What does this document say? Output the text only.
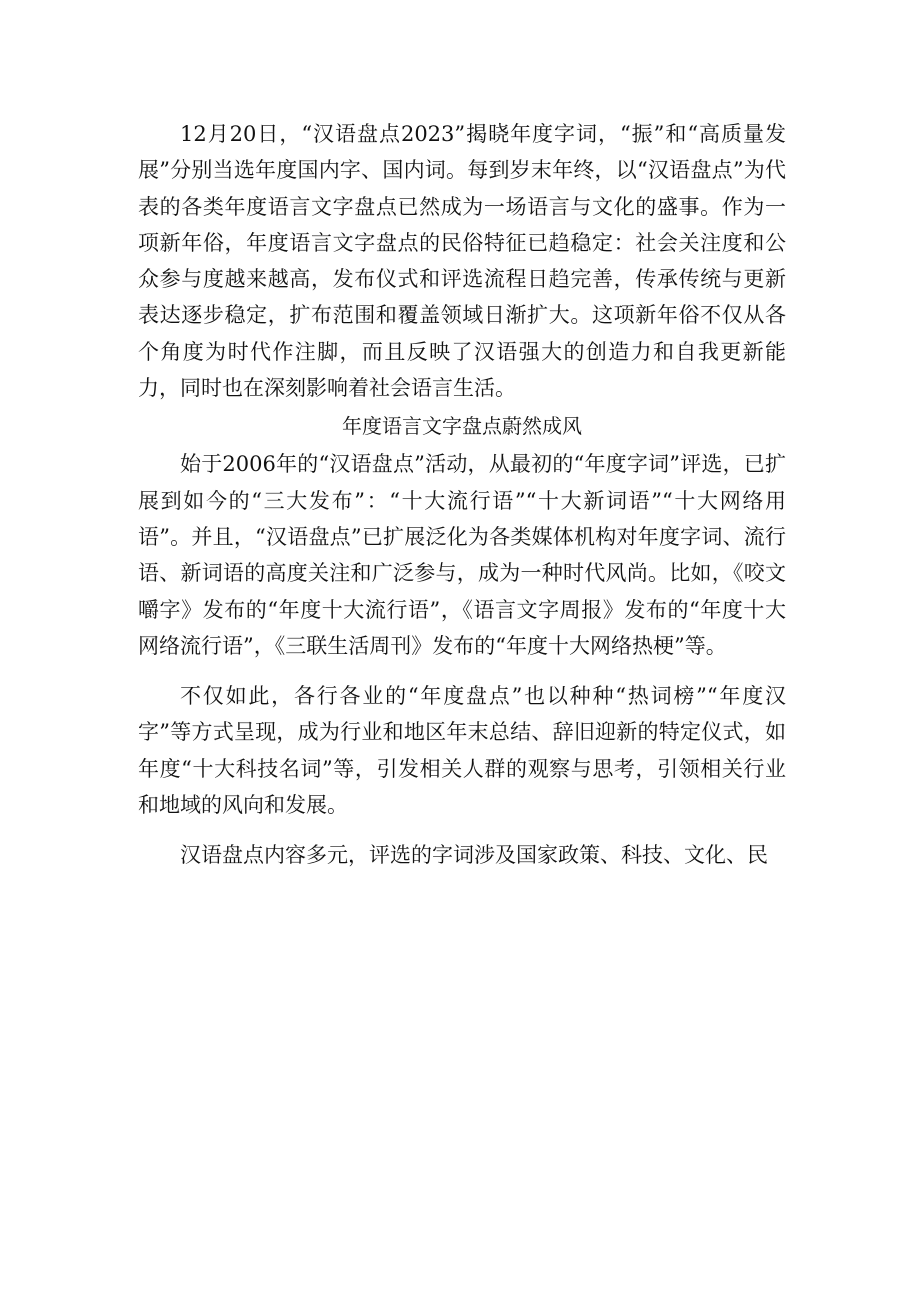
12月20日，“汉语盘点2023”揭晓年度字词，“振”和“高质量发展”分别当选年度国内字、国内词。每到岁末年终，以“汉语盘点”为代表的各类年度语言文字盘点已然成为一场语言与文化的盛事。作为一项新年俗，年度语言文字盘点的民俗特征已趋稳定：社会关注度和公众参与度越来越高，发布仪式和评选流程日趋完善，传承传统与更新表达逐步稳定，扩布范围和覆盖领域日渐扩大。这项新年俗不仅从各个角度为时代作注脚，而且反映了汉语强大的创造力和自我更新能力，同时也在深刻影响着社会语言生活。

年度语言文字盘点蔚然成风

始于2006年的“汉语盘点”活动，从最初的“年度字词”评选，已扩展到如今的“三大发布”：“十大流行语”“十大新词语”“十大网络用语”。并且，“汉语盘点”已扩展泛化为各类媒体机构对年度字词、流行语、新词语的高度关注和广泛参与，成为一种时代风尚。比如，《咬文嚼字》发布的“年度十大流行语”，《语言文字周报》发布的“年度十大网络流行语”，《三联生活周刊》发布的“年度十大网络热梗”等。

不仅如此，各行各业的“年度盘点”也以种种“热词榜”“年度汉字”等方式呈现，成为行业和地区年末总结、辞旧迎新的特定仪式，如年度“十大科技名词”等，引发相关人群的观察与思考，引领相关行业和地域的风向和发展。

汉语盘点内容多元，评选的字词涉及国家政策、科技、文化、民
